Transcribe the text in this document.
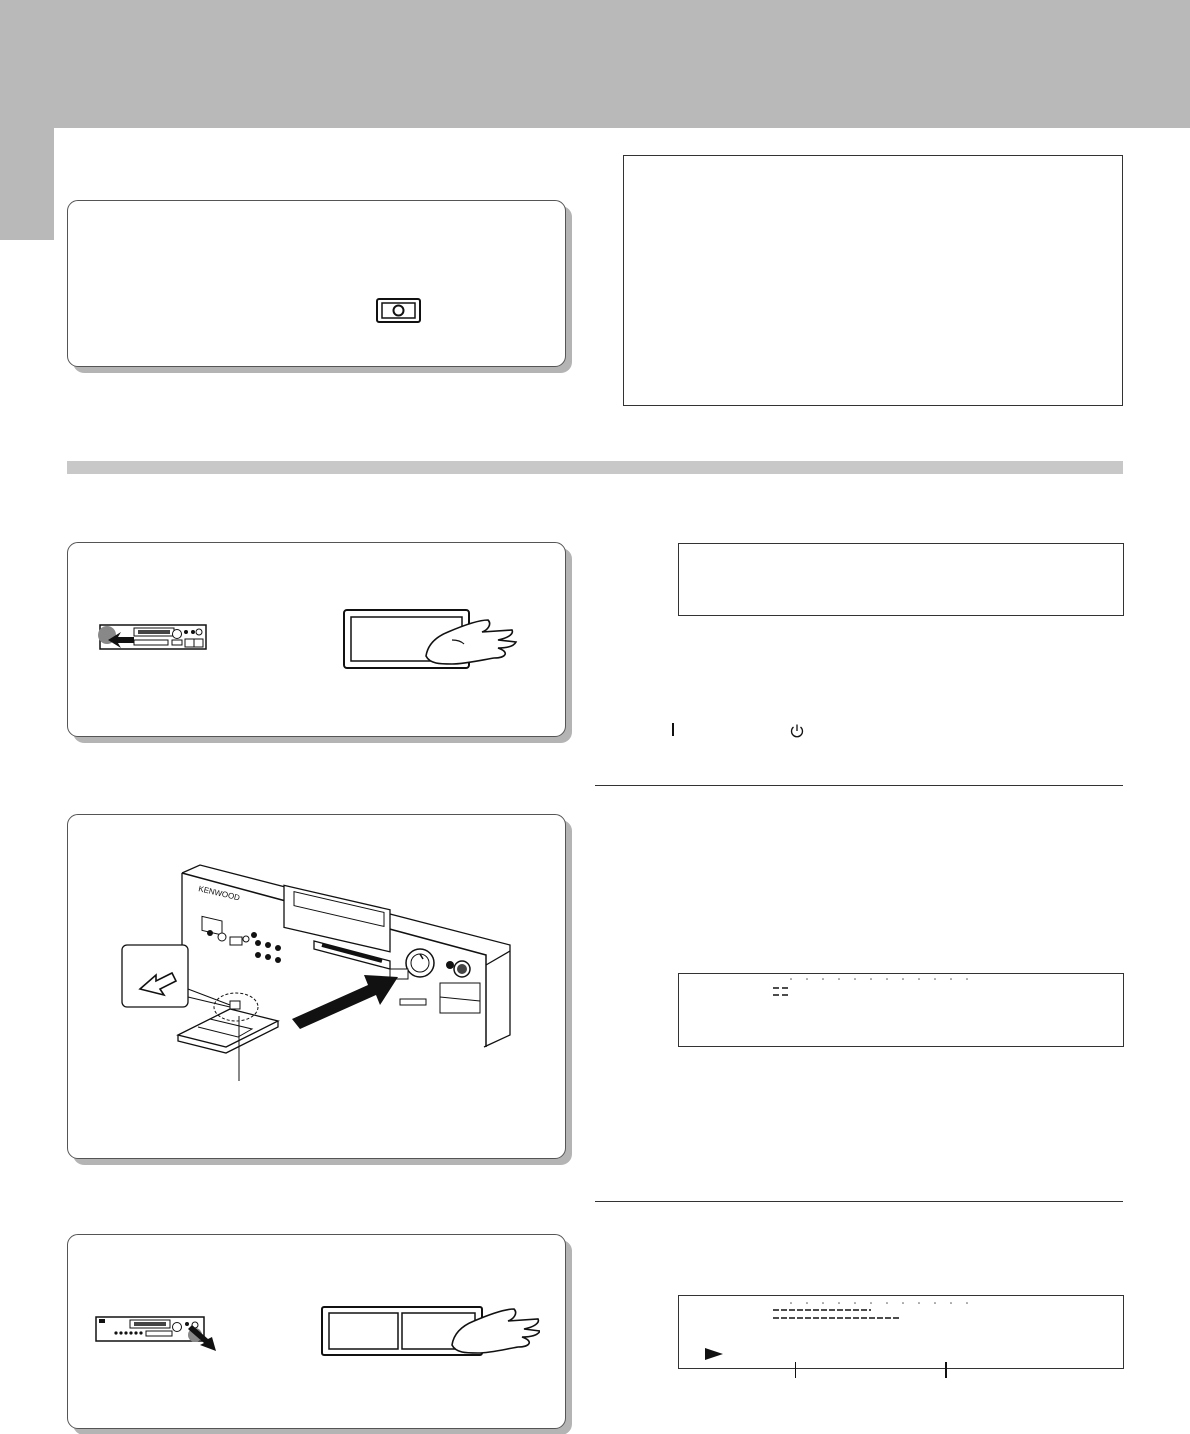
KENWOOD
